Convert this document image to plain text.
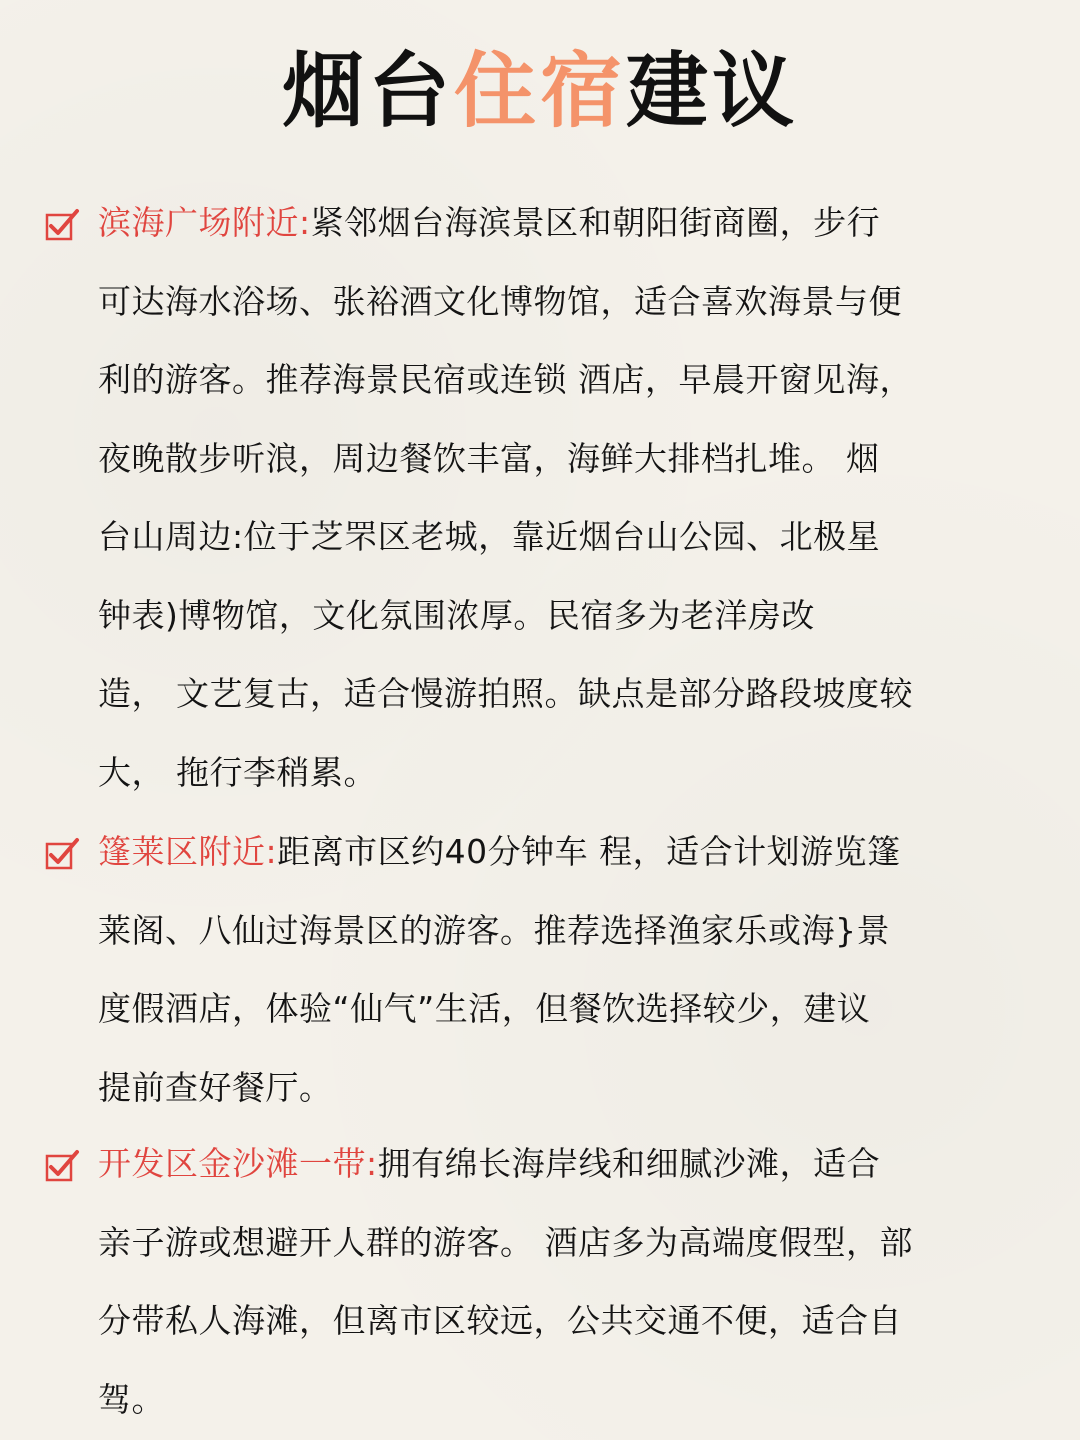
烟台住宿建议

滨海广场附近:紧邻烟台海滨景区和朝阳街商圈，步行
可达海水浴场、张裕酒文化博物馆，适合喜欢海景与便
利的游客。推荐海景民宿或连锁 酒店，早晨开窗见海，
夜晚散步听浪，周边餐饮丰富，海鲜大排档扎堆。 烟
台山周边:位于芝罘区老城，靠近烟台山公园、北极星
钟表)博物馆，文化氛围浓厚。民宿多为老洋房改
造， 文艺复古，适合慢游拍照。缺点是部分路段坡度较
大， 拖行李稍累。

篷莱区附近:距离市区约40分钟车 程，适合计划游览篷
莱阁、八仙过海景区的游客。推荐选择渔家乐或海}景
度假酒店，体验“仙气”生活，但餐饮选择较少，建议
提前查好餐厅。

开发区金沙滩一带:拥有绵长海岸线和细腻沙滩，适合
亲子游或想避开人群的游客。 酒店多为高端度假型，部
分带私人海滩，但离市区较远，公共交通不便，适合自
驾。
